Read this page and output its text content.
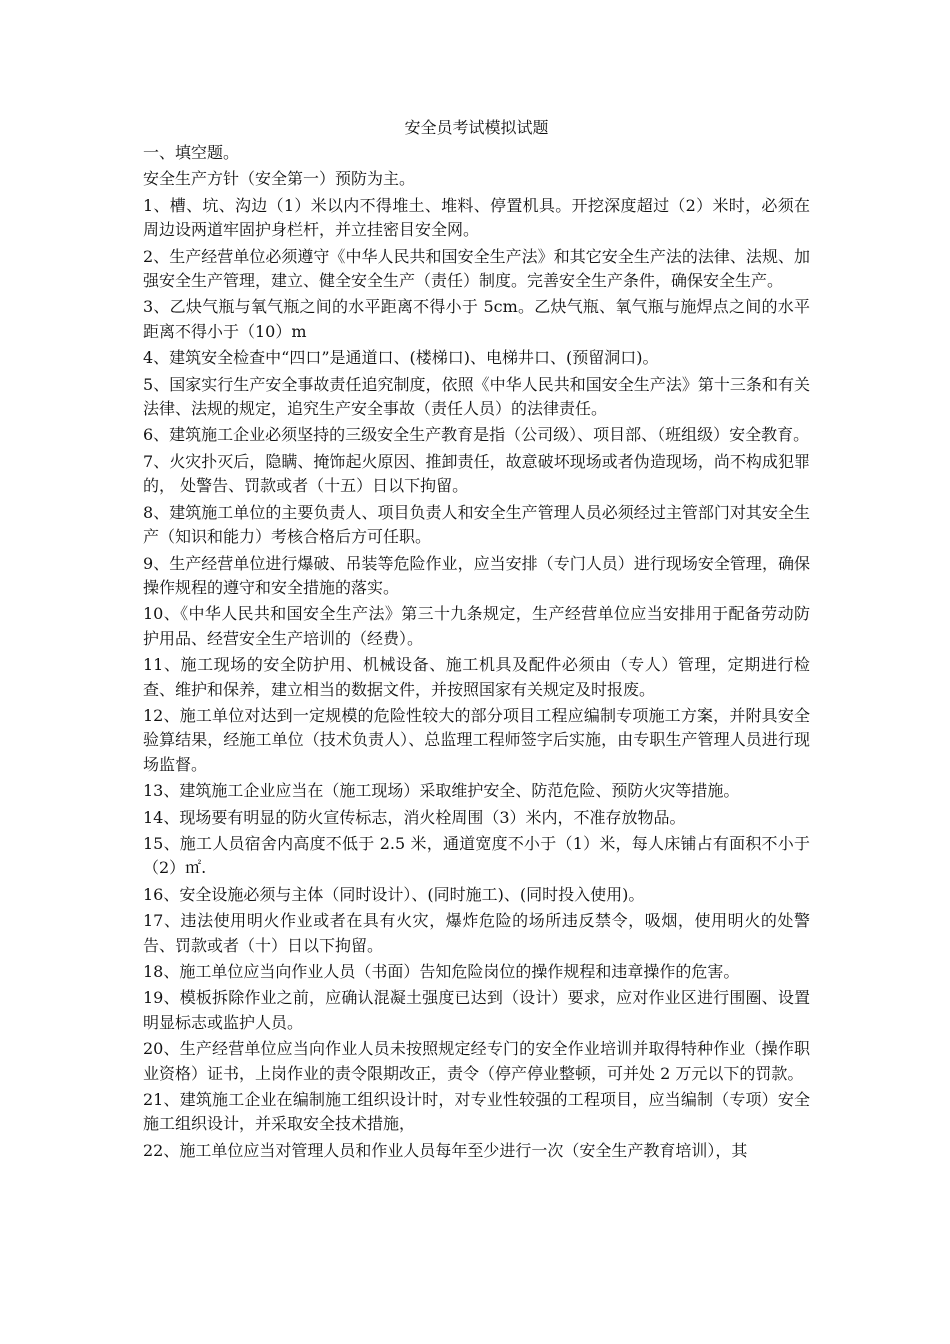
安全员考试模拟试题

一、填空题。

安全生产方针（安全第一）预防为主。

1、槽、坑、沟边（1）米以内不得堆土、堆料、停置机具。开挖深度超过（2）米时，必须在周边设两道牢固护身栏杆，并立挂密目安全网。

2、生产经营单位必须遵守《中华人民共和国安全生产法》和其它安全生产法的法律、法规、加强安全生产管理，建立、健全安全生产（责任）制度。完善安全生产条件，确保安全生产。

3、乙炔气瓶与氧气瓶之间的水平距离不得小于 5cm。乙炔气瓶、氧气瓶与施焊点之间的水平距离不得小于（10）m

4、建筑安全检查中“四口”是通道口、(楼梯口)、电梯井口、(预留洞口)。

5、国家实行生产安全事故责任追究制度，依照《中华人民共和国安全生产法》第十三条和有关法律、法规的规定，追究生产安全事故（责任人员）的法律责任。

6、建筑施工企业必须坚持的三级安全生产教育是指（公司级）、项目部、（班组级）安全教育。

7、火灾扑灭后，隐瞒、掩饰起火原因、推卸责任，故意破坏现场或者伪造现场，尚不构成犯罪的， 处警告、罚款或者（十五）日以下拘留。

8、建筑施工单位的主要负责人、项目负责人和安全生产管理人员必须经过主管部门对其安全生产（知识和能力）考核合格后方可任职。

9、生产经营单位进行爆破、吊装等危险作业，应当安排（专门人员）进行现场安全管理，确保操作规程的遵守和安全措施的落实。

10、《中华人民共和国安全生产法》第三十九条规定，生产经营单位应当安排用于配备劳动防护用品、经营安全生产培训的（经费）。

11、施工现场的安全防护用、机械设备、施工机具及配件必须由（专人）管理，定期进行检查、维护和保养，建立相当的数据文件，并按照国家有关规定及时报废。

12、施工单位对达到一定规模的危险性较大的部分项目工程应编制专项施工方案，并附具安全验算结果，经施工单位（技术负责人）、总监理工程师签字后实施，由专职生产管理人员进行现场监督。

13、建筑施工企业应当在（施工现场）采取维护安全、防范危险、预防火灾等措施。

14、现场要有明显的防火宣传标志，消火栓周围（3）米内，不准存放物品。

15、施工人员宿舍内高度不低于 2.5 米，通道宽度不小于（1）米，每人床铺占有面积不小于（2）㎡.

16、安全设施必须与主体（同时设计）、(同时施工)、(同时投入使用)。

17、违法使用明火作业或者在具有火灾，爆炸危险的场所违反禁令，吸烟，使用明火的处警告、罚款或者（十）日以下拘留。

18、施工单位应当向作业人员（书面）告知危险岗位的操作规程和违章操作的危害。

19、模板拆除作业之前，应确认混凝土强度已达到（设计）要求，应对作业区进行围圈、设置明显标志或监护人员。

20、生产经营单位应当向作业人员未按照规定经专门的安全作业培训并取得特种作业（操作职业资格）证书，上岗作业的责令限期改正，责令（停产停业整顿，可并处 2 万元以下的罚款。

21、建筑施工企业在编制施工组织设计时，对专业性较强的工程项目，应当编制（专项）安全施工组织设计，并采取安全技术措施，

22、施工单位应当对管理人员和作业人员每年至少进行一次（安全生产教育培训），其
